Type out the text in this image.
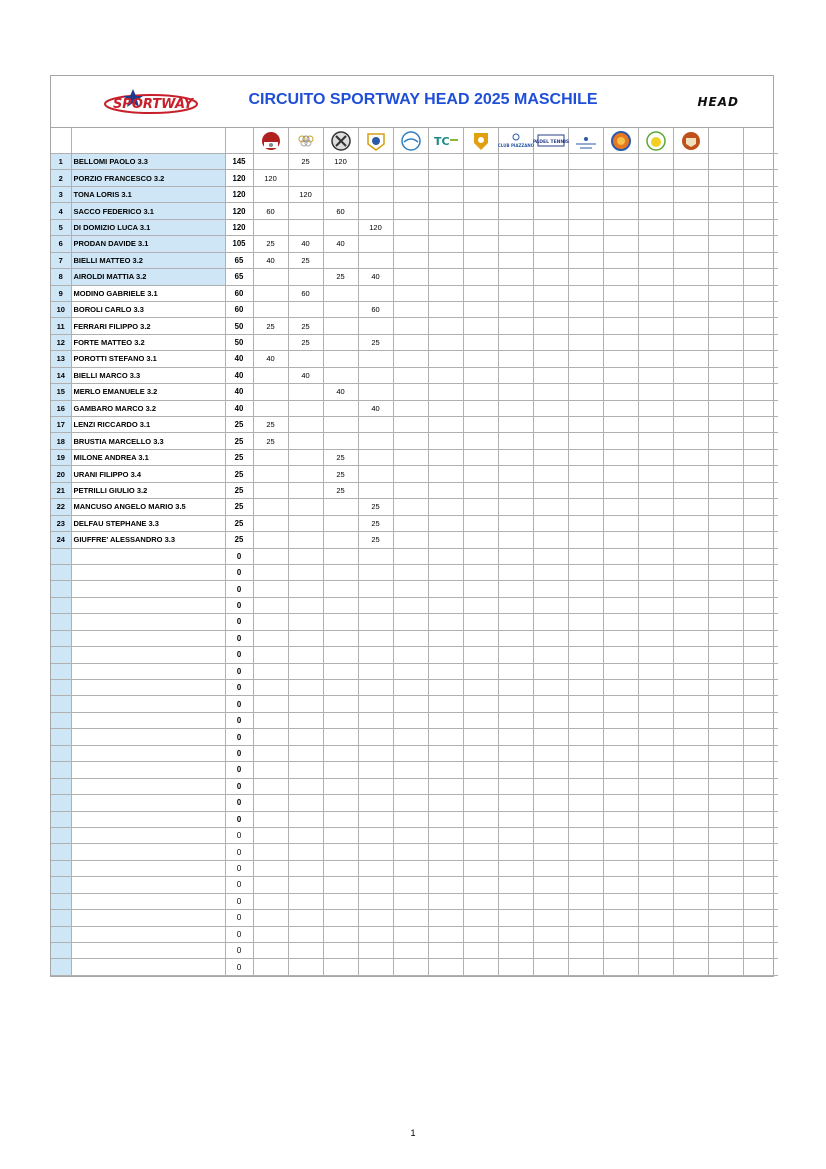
SPORTWAY	CIRCUITO SPORTWAY HEAD 2025 MASCHILE	HEAD

TC		CLUB PIAZZANO	PADEL TENNIS

1	BELLOMI PAOLO 3.3	145		25	120												
2	PORZIO FRANCESCO 3.2	120	120														
3	TONA LORIS 3.1	120		120													
4	SACCO FEDERICO 3.1	120	60		60												
5	DI DOMIZIO LUCA 3.1	120				120											
6	PRODAN DAVIDE 3.1	105	25	40	40												
7	BIELLI MATTEO 3.2	65	40	25													
8	AIROLDI MATTIA 3.2	65			25	40											
9	MODINO GABRIELE 3.1	60		60													
10	BOROLI CARLO 3.3	60				60											
11	FERRARI FILIPPO 3.2	50	25	25													
12	FORTE MATTEO 3.2	50		25		25											
13	POROTTI STEFANO 3.1	40	40														
14	BIELLI MARCO 3.3	40		40													
15	MERLO EMANUELE 3.2	40			40												
16	GAMBARO MARCO 3.2	40				40											
17	LENZI RICCARDO 3.1	25	25														
18	BRUSTIA MARCELLO 3.3	25	25														
19	MILONE ANDREA 3.1	25			25												
20	URANI FILIPPO 3.4	25			25												
21	PETRILLI GIULIO 3.2	25			25												
22	MANCUSO ANGELO MARIO 3.5	25				25											
23	DELFAU STEPHANE 3.3	25				25											
24	GIUFFRE' ALESSANDRO 3.3	25				25											
		0															
		0															
		0															
		0															
		0															
		0															
		0															
		0															
		0															
		0															
		0															
		0															
		0															
		0															
		0															
		0															
		0															
		0															
		0															
		0															
		0															
		0															
		0															
		0															
		0															
		0															
1
